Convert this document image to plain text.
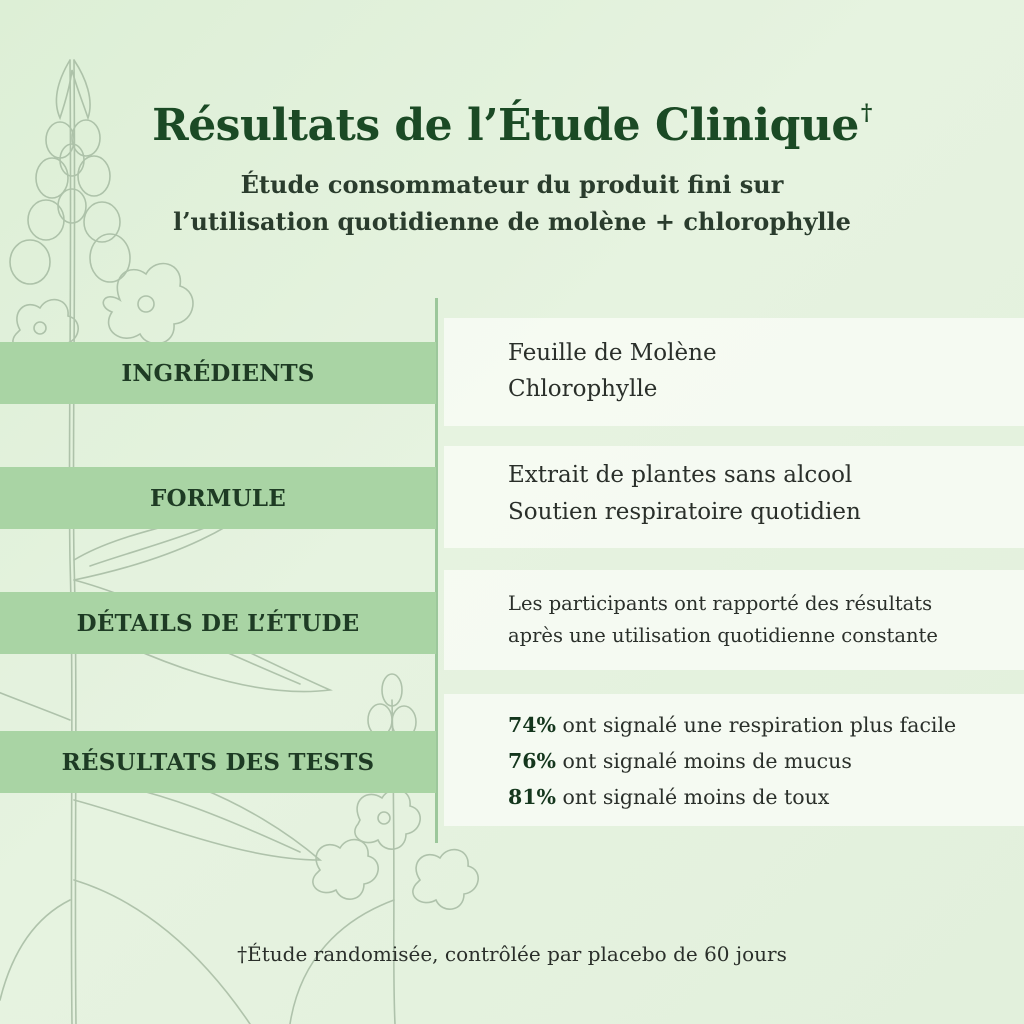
Résultats de l’Étude Clinique†

Étude consommateur du produit fini sur

l’utilisation quotidienne de molène + chlorophylle

INGRÉDIENTS
Feuille de Molène
Chlorophylle
FORMULE
Extrait de plantes sans alcool
Soutien respiratoire quotidien
DÉTAILS DE L’ÉTUDE
Les participants ont rapporté des résultats
après une utilisation quotidienne constante
RÉSULTATS DES TESTS
74% ont signalé une respiration plus facile
76% ont signalé moins de mucus
81% ont signalé moins de toux

†Étude randomisée, contrôlée par placebo de 60 jours
